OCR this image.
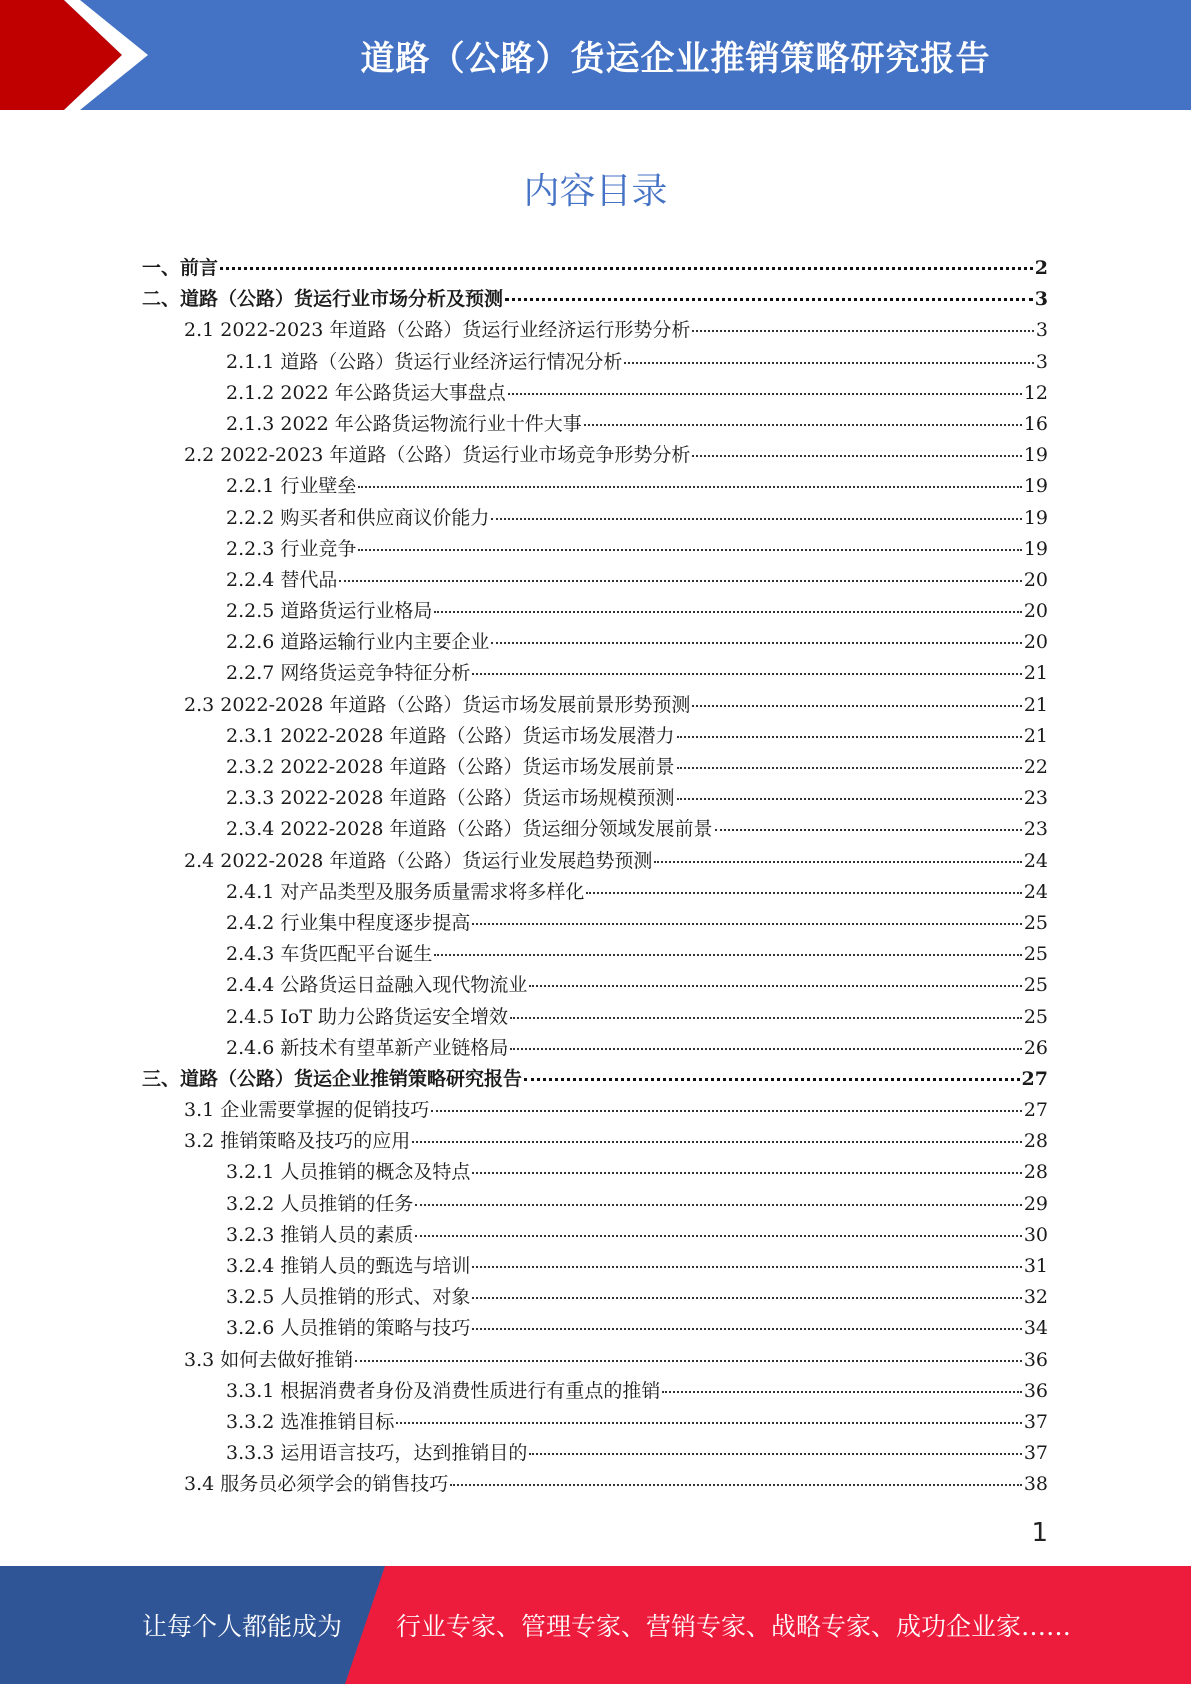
道路（公路）货运企业推销策略研究报告
内容目录
一、前言	2
二、道路（公路）货运行业市场分析及预测	3
2.1 2022-2023 年道路（公路）货运行业经济运行形势分析	3
2.1.1 道路（公路）货运行业经济运行情况分析	3
2.1.2 2022 年公路货运大事盘点	12
2.1.3 2022 年公路货运物流行业十件大事	16
2.2 2022-2023 年道路（公路）货运行业市场竞争形势分析	19
2.2.1 行业壁垒	19
2.2.2 购买者和供应商议价能力	19
2.2.3 行业竞争	19
2.2.4 替代品	20
2.2.5 道路货运行业格局	20
2.2.6 道路运输行业内主要企业	20
2.2.7 网络货运竞争特征分析	21
2.3 2022-2028 年道路（公路）货运市场发展前景形势预测	21
2.3.1 2022-2028 年道路（公路）货运市场发展潜力	21
2.3.2 2022-2028 年道路（公路）货运市场发展前景	22
2.3.3 2022-2028 年道路（公路）货运市场规模预测	23
2.3.4 2022-2028 年道路（公路）货运细分领域发展前景	23
2.4 2022-2028 年道路（公路）货运行业发展趋势预测	24
2.4.1 对产品类型及服务质量需求将多样化	24
2.4.2 行业集中程度逐步提高	25
2.4.3 车货匹配平台诞生	25
2.4.4 公路货运日益融入现代物流业	25
2.4.5 IoT 助力公路货运安全增效	25
2.4.6 新技术有望革新产业链格局	26
三、道路（公路）货运企业推销策略研究报告	27
3.1 企业需要掌握的促销技巧	27
3.2 推销策略及技巧的应用	28
3.2.1 人员推销的概念及特点	28
3.2.2 人员推销的任务	29
3.2.3 推销人员的素质	30
3.2.4 推销人员的甄选与培训	31
3.2.5 人员推销的形式、对象	32
3.2.6 人员推销的策略与技巧	34
3.3 如何去做好推销	36
3.3.1 根据消费者身份及消费性质进行有重点的推销	36
3.3.2 选准推销目标	37
3.3.3 运用语言技巧，达到推销目的	37
3.4 服务员必须学会的销售技巧	38
1
让每个人都能成为 行业专家、管理专家、营销专家、战略专家、成功企业家……
